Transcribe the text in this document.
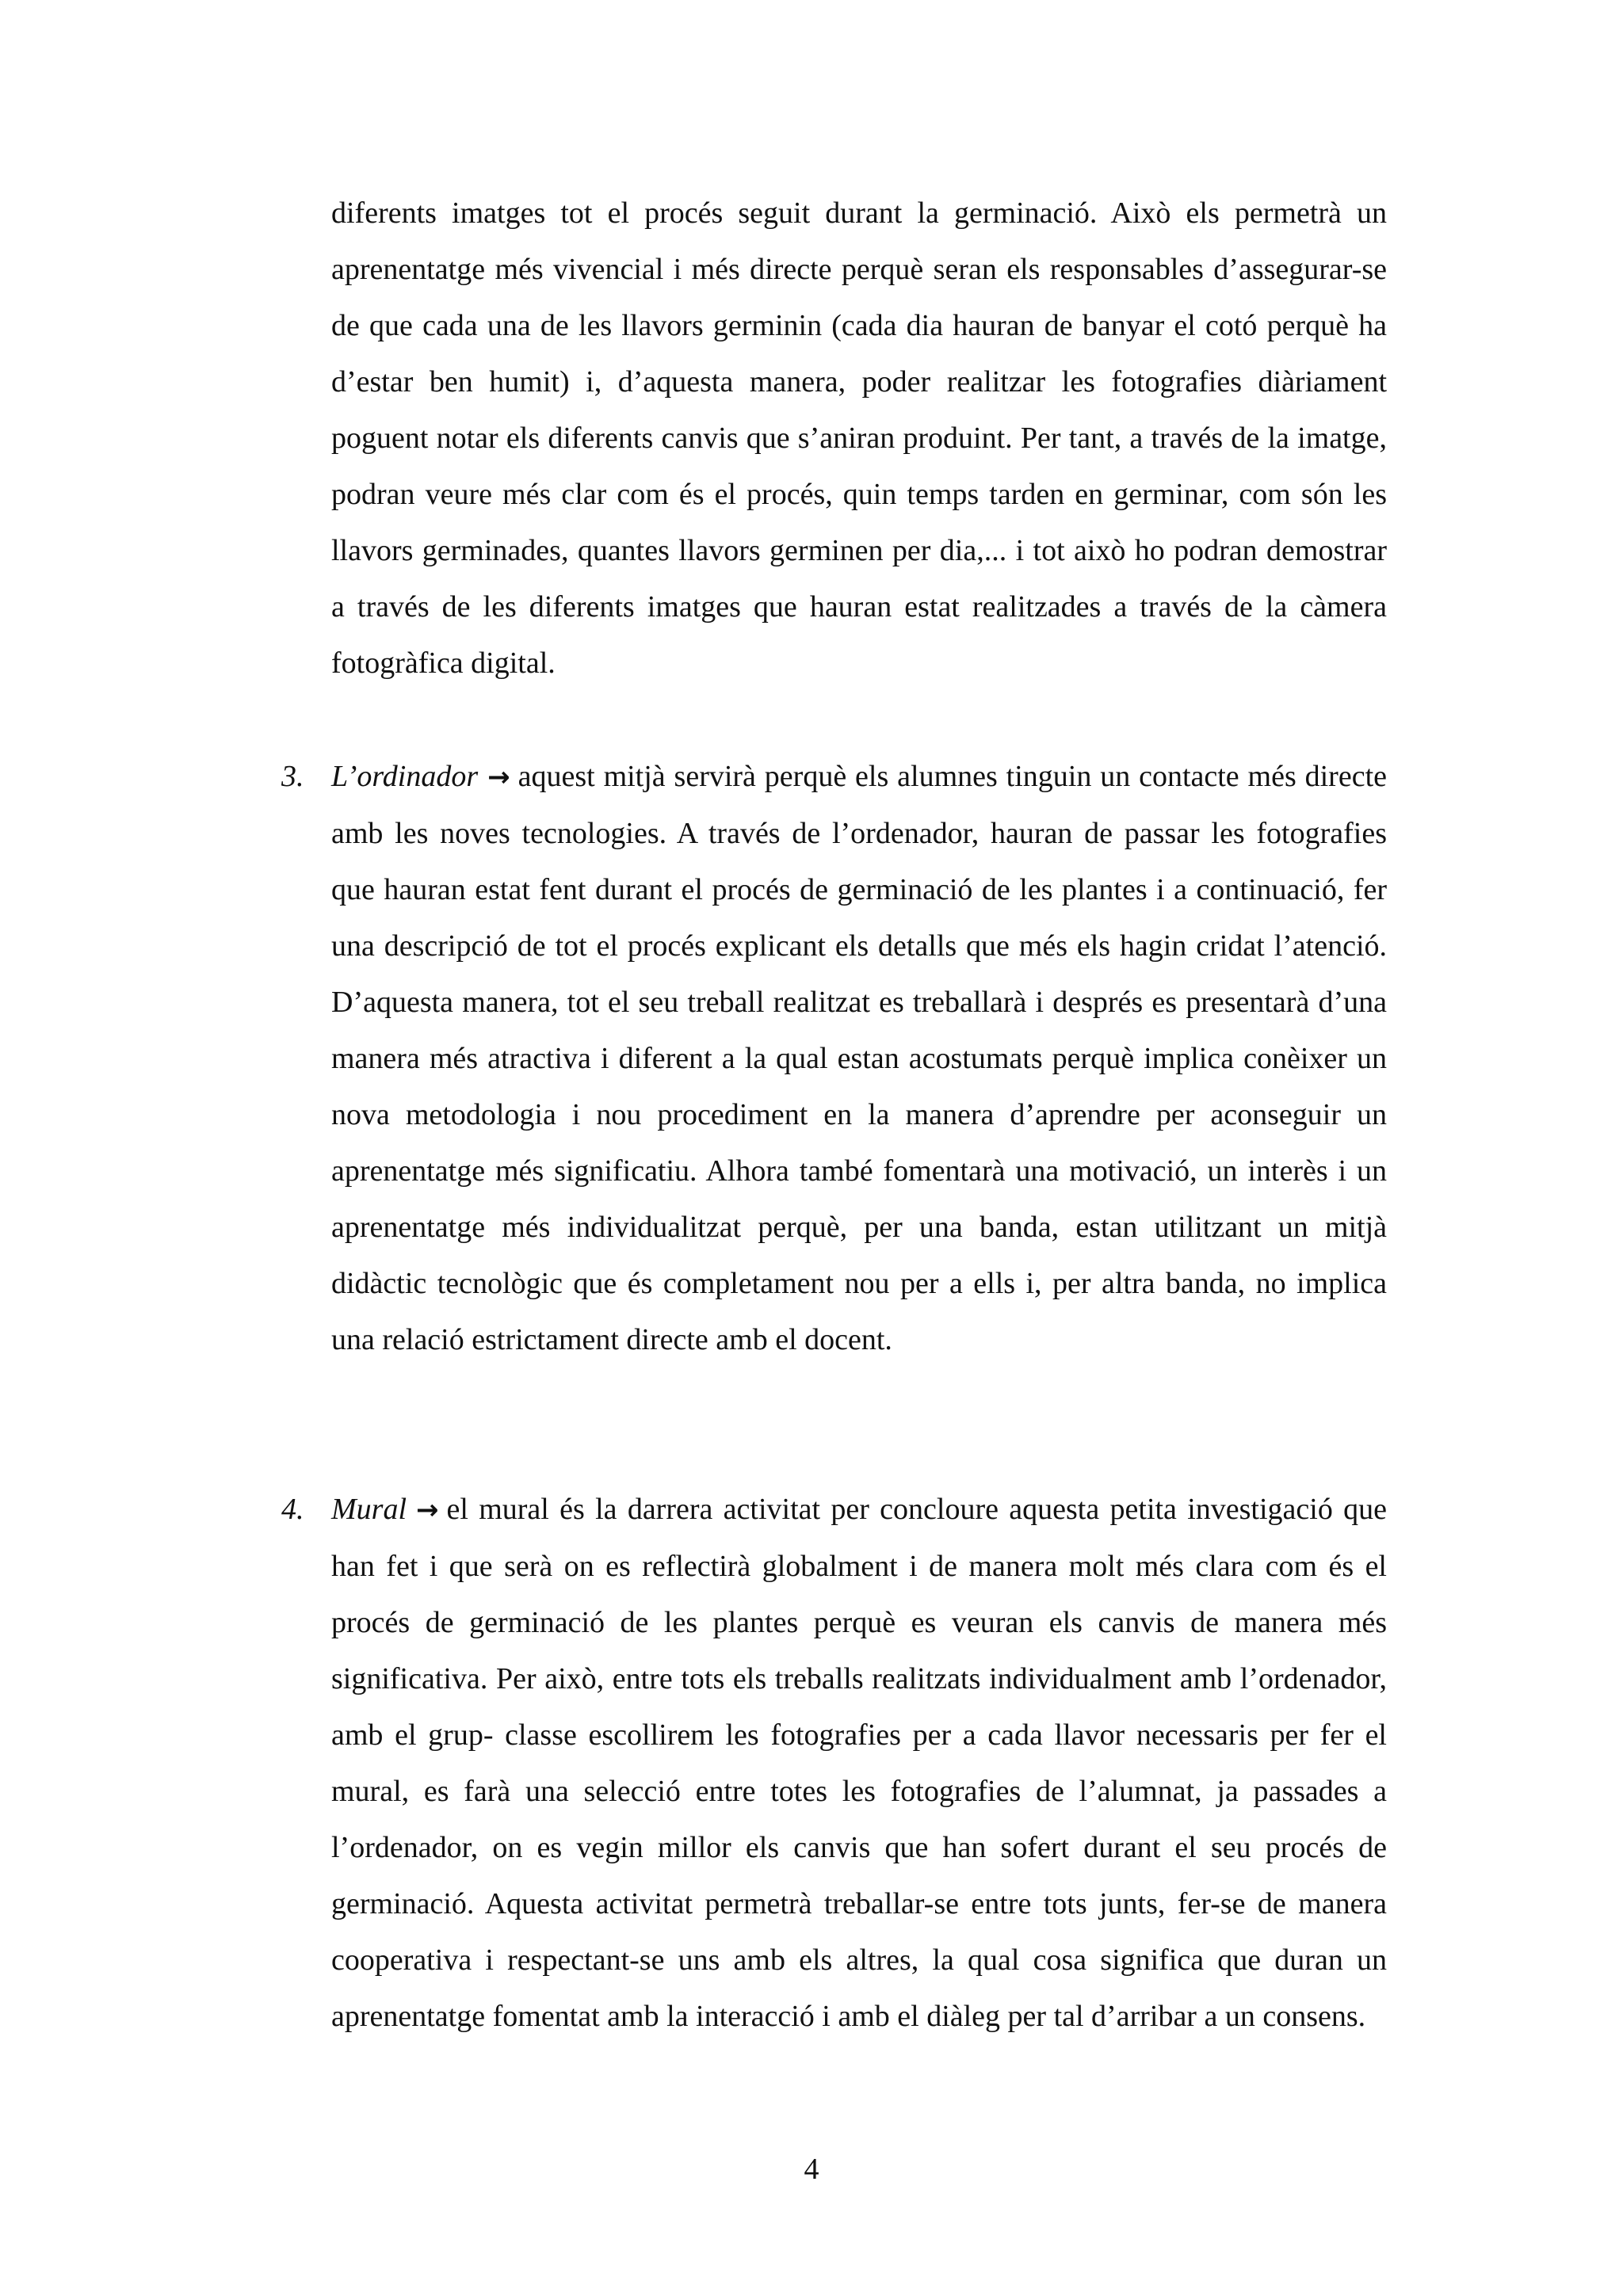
diferents imatges tot el procés seguit durant la germinació. Això els permetrà un aprenentatge més vivencial i més directe perquè seran els responsables d’assegurar-se de que cada una de les llavors germinin (cada dia hauran de banyar el cotó perquè ha d’estar ben humit) i, d’aquesta manera, poder realitzar les fotografies diàriament poguent notar els diferents canvis que s’aniran produint. Per tant, a través de la imatge, podran veure més clar com és el procés, quin temps tarden en germinar, com són les llavors germinades, quantes llavors germinen per dia,... i tot això ho podran demostrar a través de les diferents imatges que hauran estat realitzades a través de la càmera fotogràfica digital.

3. L’ordinador → aquest mitjà servirà perquè els alumnes tinguin un contacte més directe amb les noves tecnologies. A través de l’ordenador, hauran de passar les fotografies que hauran estat fent durant el procés de germinació de les plantes i a continuació, fer una descripció de tot el procés explicant els detalls que més els hagin cridat l’atenció. D’aquesta manera, tot el seu treball realitzat es treballarà i després es presentarà d’una manera més atractiva i diferent a la qual estan acostumats perquè implica conèixer un nova metodologia i nou procediment en la manera d’aprendre per aconseguir un aprenentatge més significatiu. Alhora també fomentarà una motivació, un interès i un aprenentatge més individualitzat perquè, per una banda, estan utilitzant un mitjà didàctic tecnològic que és completament nou per a ells i, per altra banda, no implica una relació estrictament directe amb el docent.
4. Mural → el mural és la darrera activitat per concloure aquesta petita investigació que han fet i que serà on es reflectirà globalment i de manera molt més clara com és el procés de germinació de les plantes perquè es veuran els canvis de manera més significativa. Per això, entre tots els treballs realitzats individualment amb l’ordenador, amb el grup- classe escollirem les fotografies per a cada llavor necessaris per fer el mural, es farà una selecció entre totes les fotografies de l’alumnat, ja passades a l’ordenador, on es vegin millor els canvis que han sofert durant el seu procés de germinació. Aquesta activitat permetrà treballar-se entre tots junts, fer-se de manera cooperativa i respectant-se uns amb els altres, la qual cosa significa que duran un aprenentatge fomentat amb la interacció i amb el diàleg per tal d’arribar a un consens.
4
